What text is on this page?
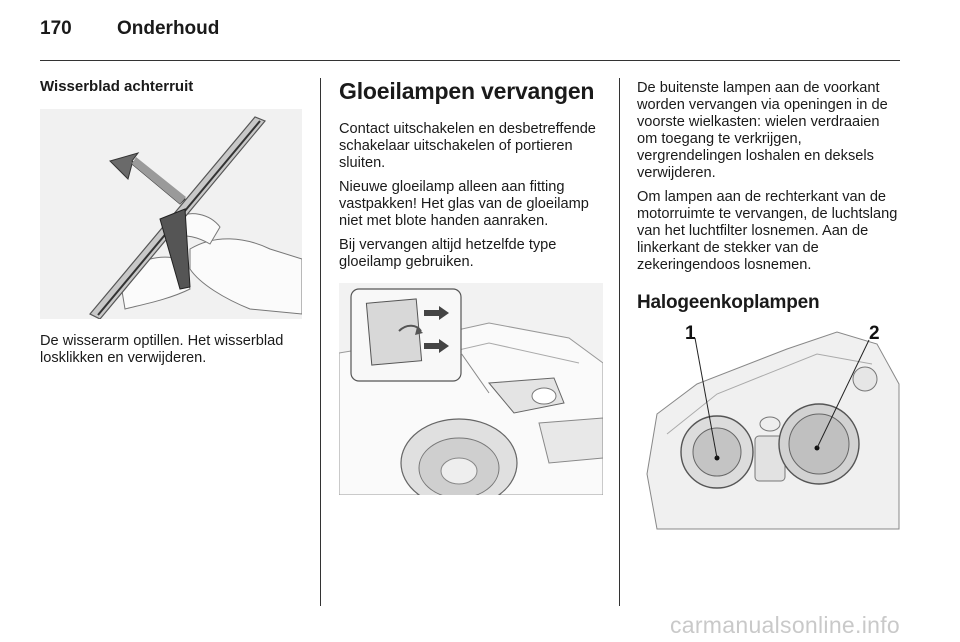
170 Onderhoud
Wisserblad achterruit

De wisserarm optillen. Het wisserblad losklikken en verwijderen.

Gloeilampen vervangen

Contact uitschakelen en desbetreffende schakelaar uitschakelen of portieren sluiten.

Nieuwe gloeilamp alleen aan fitting vastpakken! Het glas van de gloeilamp niet met blote handen aanraken.

Bij vervangen altijd hetzelfde type gloeilamp gebruiken.

De buitenste lampen aan de voorkant worden vervangen via openingen in de voorste wielkasten: wielen verdraaien om toegang te verkrijgen, vergrendelingen loshalen en deksels verwijderen.

Om lampen aan de rechterkant van de motorruimte te vervangen, de luchtslang van het luchtfilter losnemen. Aan de linkerkant de stekker van de zekeringendoos losnemen.

Halogeenkoplampen
1	2
carmanualsonline.info
